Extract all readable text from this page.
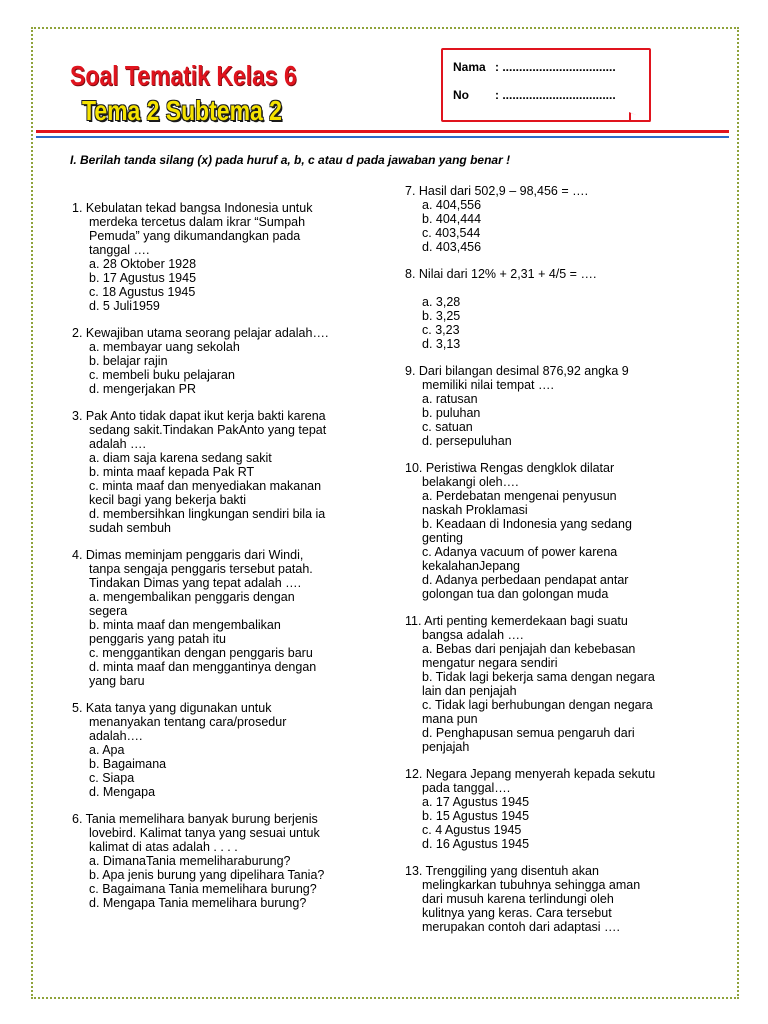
Soal Tematik Kelas 6
Tema 2 Subtema 2
Nama : ..................................
No : ..................................
I. Berilah tanda silang (x) pada huruf a, b, c atau d pada jawaban yang benar !
1. Kebulatan tekad bangsa Indonesia untuk
merdeka tercetus dalam ikrar “Sumpah
Pemuda” yang dikumandangkan pada
tanggal ….
a. 28 Oktober 1928
b. 17 Agustus 1945
c. 18 Agustus 1945
d. 5 Juli1959
2. Kewajiban utama seorang pelajar adalah….
a. membayar uang sekolah
b. belajar rajin
c. membeli buku pelajaran
d. mengerjakan PR
3. Pak Anto tidak dapat ikut kerja bakti karena
sedang sakit.Tindakan PakAnto yang tepat
adalah ….
a. diam saja karena sedang sakit
b. minta maaf kepada Pak RT
c. minta maaf dan menyediakan makanan
kecil bagi yang bekerja bakti
d. membersihkan lingkungan sendiri bila ia
sudah sembuh
4. Dimas meminjam penggaris dari Windi,
tanpa sengaja penggaris tersebut patah.
Tindakan Dimas yang tepat adalah ….
a. mengembalikan penggaris dengan
segera
b. minta maaf dan mengembalikan
penggaris yang patah itu
c. menggantikan dengan penggaris baru
d. minta maaf dan menggantinya dengan
yang baru
5. Kata tanya yang digunakan untuk
menanyakan tentang cara/prosedur
adalah….
a. Apa
b. Bagaimana
c. Siapa
d. Mengapa
6. Tania memelihara banyak burung berjenis
lovebird. Kalimat tanya yang sesuai untuk
kalimat di atas adalah . . . .
a. DimanaTania memeliharaburung?
b. Apa jenis burung yang dipelihara Tania?
c. Bagaimana Tania memelihara burung?
d. Mengapa Tania memelihara burung?
7. Hasil dari 502,9 – 98,456 = ….
a. 404,556
b. 404,444
c. 403,544
d. 403,456
8. Nilai dari 12% + 2,31 + 4/5 = ….
a. 3,28
b. 3,25
c. 3,23
d. 3,13
9. Dari bilangan desimal 876,92 angka 9
memiliki nilai tempat ….
a. ratusan
b. puluhan
c. satuan
d. persepuluhan
10. Peristiwa Rengas dengklok dilatar
belakangi oleh….
a. Perdebatan mengenai penyusun
naskah Proklamasi
b. Keadaan di Indonesia yang sedang
genting
c. Adanya vacuum of power karena
kekalahanJepang
d. Adanya perbedaan pendapat antar
golongan tua dan golongan muda
11. Arti penting kemerdekaan bagi suatu
bangsa adalah ….
a. Bebas dari penjajah dan kebebasan
mengatur negara sendiri
b. Tidak lagi bekerja sama dengan negara
lain dan penjajah
c. Tidak lagi berhubungan dengan negara
mana pun
d. Penghapusan semua pengaruh dari
penjajah
12. Negara Jepang menyerah kepada sekutu
pada tanggal….
a. 17 Agustus 1945
b. 15 Agustus 1945
c. 4 Agustus 1945
d. 16 Agustus 1945
13. Trenggiling yang disentuh akan
melingkarkan tubuhnya sehingga aman
dari musuh karena terlindungi oleh
kulitnya yang keras. Cara tersebut
merupakan contoh dari adaptasi ….
